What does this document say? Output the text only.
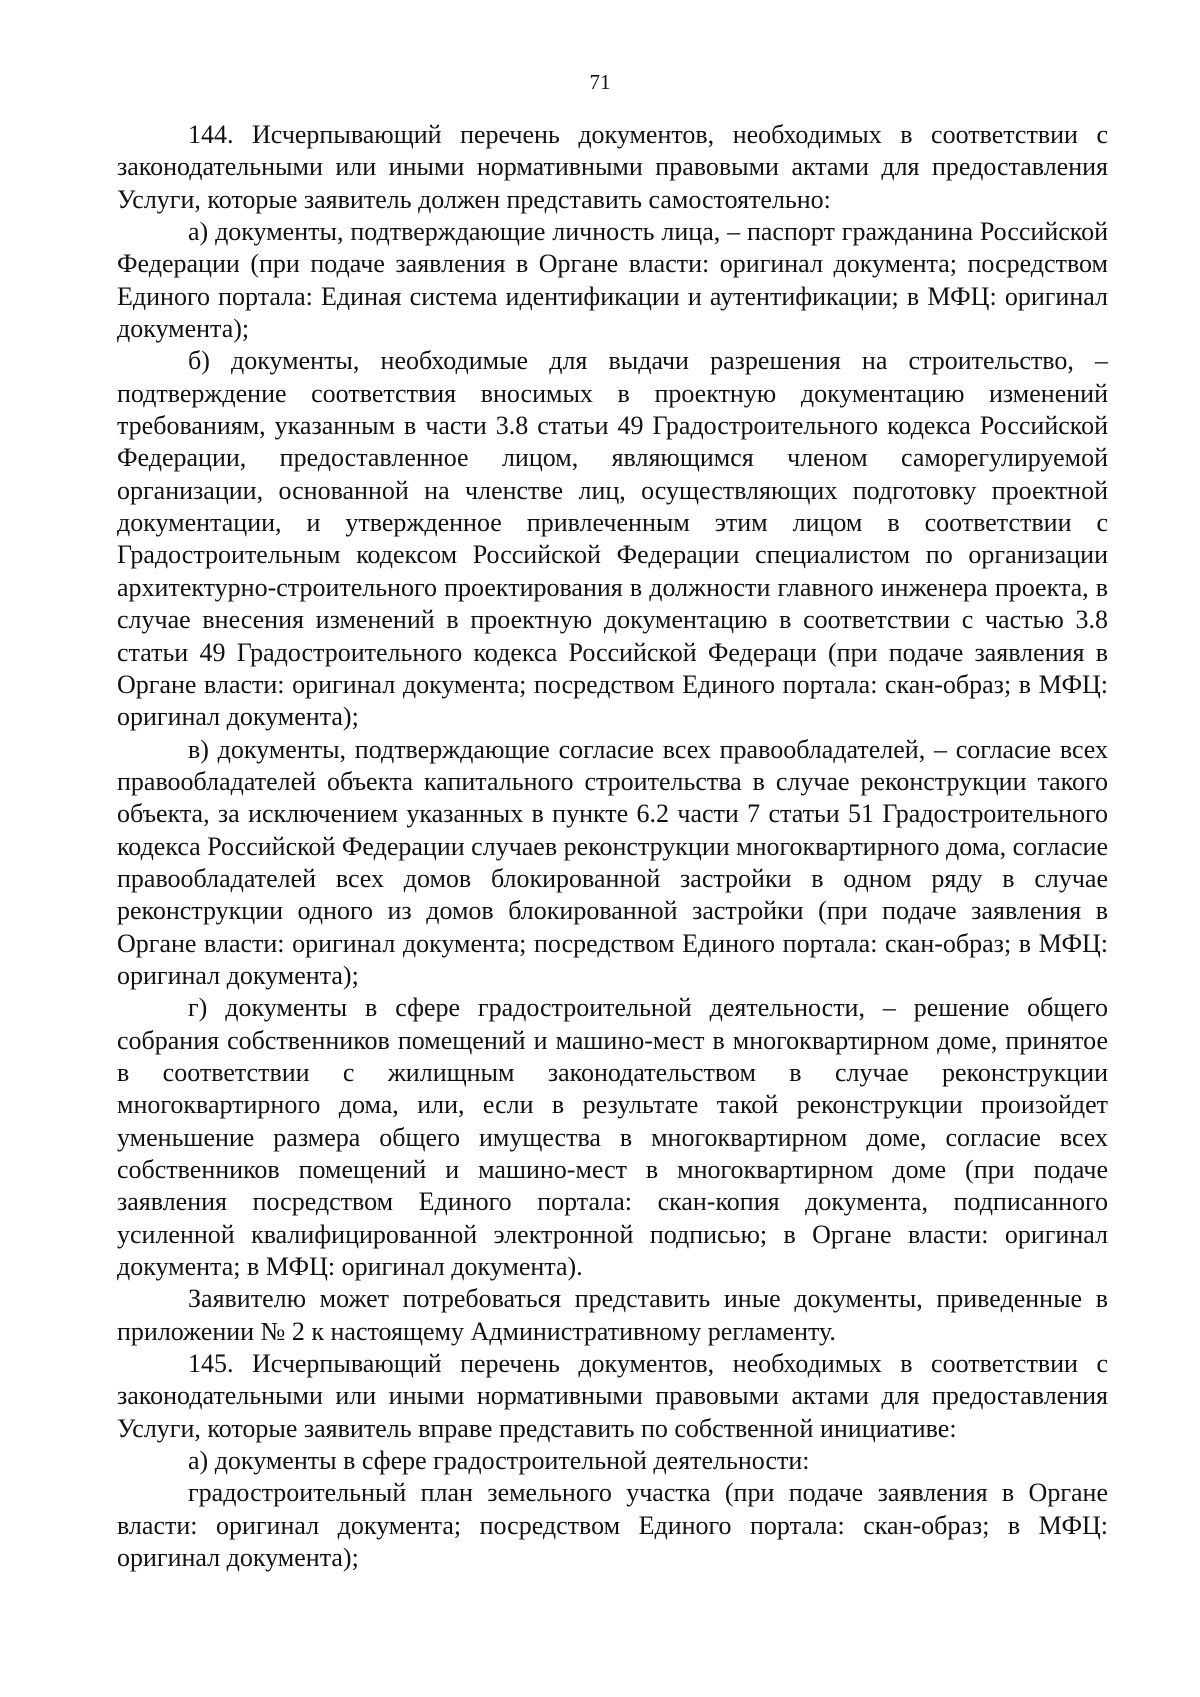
71

144. Исчерпывающий перечень документов, необходимых в соответствии с законодательными или иными нормативными правовыми актами для предоставления Услуги, которые заявитель должен представить самостоятельно:

а) документы, подтверждающие личность лица, – паспорт гражданина Российской Федерации (при подаче заявления в Органе власти: оригинал документа; посредством Единого портала: Единая система идентификации и аутентификации; в МФЦ: оригинал документа);

б) документы, необходимые для выдачи разрешения на строительство, – подтверждение соответствия вносимых в проектную документацию изменений требованиям, указанным в части 3.8 статьи 49 Градостроительного кодекса Российской Федерации, предоставленное лицом, являющимся членом саморегулируемой организации, основанной на членстве лиц, осуществляющих подготовку проектной документации, и утвержденное привлеченным этим лицом в соответствии с Градостроительным кодексом Российской Федерации специалистом по организации архитектурно-строительного проектирования в должности главного инженера проекта, в случае внесения изменений в проектную документацию в соответствии с частью 3.8 статьи 49 Градостроительного кодекса Российской Федераци (при подаче заявления в Органе власти: оригинал документа; посредством Единого портала: скан-образ; в МФЦ: оригинал документа);

в) документы, подтверждающие согласие всех правообладателей, – согласие всех правообладателей объекта капитального строительства в случае реконструкции такого объекта, за исключением указанных в пункте 6.2 части 7 статьи 51 Градостроительного кодекса Российской Федерации случаев реконструкции многоквартирного дома, согласие правообладателей всех домов блокированной застройки в одном ряду в случае реконструкции одного из домов блокированной застройки (при подаче заявления в Органе власти: оригинал документа; посредством Единого портала: скан-образ; в МФЦ: оригинал документа);

г) документы в сфере градостроительной деятельности, – решение общего собрания собственников помещений и машино-мест в многоквартирном доме, принятое в соответствии с жилищным законодательством в случае реконструкции многоквартирного дома, или, если в результате такой реконструкции произойдет уменьшение размера общего имущества в многоквартирном доме, согласие всех собственников помещений и машино-мест в многоквартирном доме (при подаче заявления посредством Единого портала: скан-копия документа, подписанного усиленной квалифицированной электронной подписью; в Органе власти: оригинал документа; в МФЦ: оригинал документа).

Заявителю может потребоваться представить иные документы, приведенные в приложении № 2 к настоящему Административному регламенту.

145. Исчерпывающий перечень документов, необходимых в соответствии с законодательными или иными нормативными правовыми актами для предоставления Услуги, которые заявитель вправе представить по собственной инициативе:

а) документы в сфере градостроительной деятельности:

градостроительный план земельного участка (при подаче заявления в Органе власти: оригинал документа; посредством Единого портала: скан-образ; в МФЦ: оригинал документа);
